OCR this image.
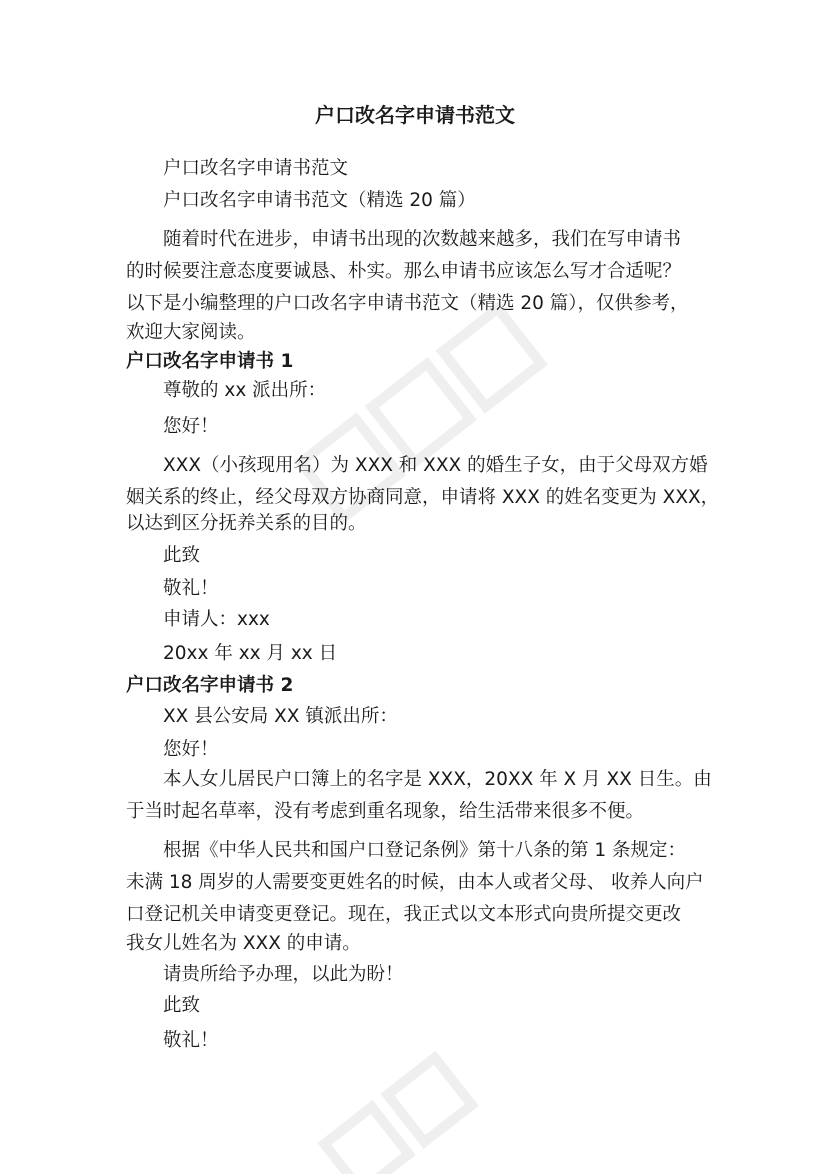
户口改名字申请书范文
户口改名字申请书范文
户口改名字申请书范文（精选 20 篇）
随着时代在进步，申请书出现的次数越来越多，我们在写申请书
的时候要注意态度要诚恳、朴实。那么申请书应该怎么写才合适呢？
以下是小编整理的户口改名字申请书范文（精选 20 篇），仅供参考，
欢迎大家阅读。
户口改名字申请书 1
尊敬的 xx 派出所：
您好！
XXX（小孩现用名）为 XXX 和 XXX 的婚生子女，由于父母双方婚
姻关系的终止，经父母双方协商同意，申请将 XXX 的姓名变更为 XXX，
以达到区分抚养关系的目的。
此致
敬礼！
申请人：xxx
20xx 年 xx 月 xx 日
户口改名字申请书 2
XX 县公安局 XX 镇派出所：
您好！
本人女儿居民户口簿上的名字是 XXX，20XX 年 X 月 XX 日生。由
于当时起名草率，没有考虑到重名现象，给生活带来很多不便。
根据《中华人民共和国户口登记条例》第十八条的第 1 条规定：
未满 18 周岁的人需要变更姓名的时候，由本人或者父母、 收养人向户
口登记机关申请变更登记。现在，我正式以文本形式向贵所提交更改
我女儿姓名为 XXX 的申请。
请贵所给予办理，以此为盼！
此致
敬礼！
